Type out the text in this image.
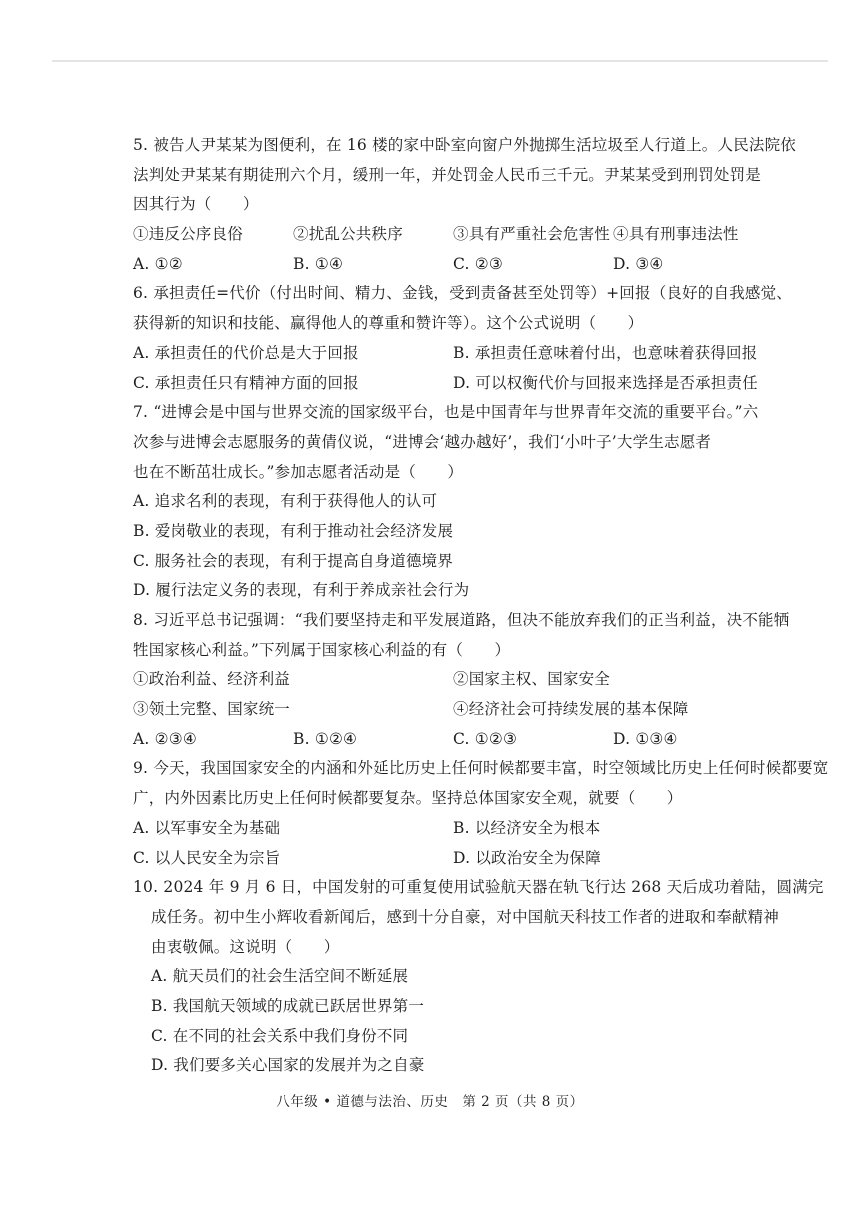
5. 被告人尹某某为图便利，在 16 楼的家中卧室向窗户外抛掷生活垃圾至人行道上。人民法院依
法判处尹某某有期徒刑六个月，缓刑一年，并处罚金人民币三千元。尹某某受到刑罚处罚是
因其行为（　　）
①违反公序良俗	②扰乱公共秩序	③具有严重社会危害性 ④具有刑事违法性
A. ①②	B. ①④	C. ②③	D. ③④
6. 承担责任=代价（付出时间、精力、金钱，受到责备甚至处罚等）+回报（良好的自我感觉、
获得新的知识和技能、赢得他人的尊重和赞许等）。这个公式说明（　　）
A. 承担责任的代价总是大于回报	B. 承担责任意味着付出，也意味着获得回报
C. 承担责任只有精神方面的回报	D. 可以权衡代价与回报来选择是否承担责任
7. “进博会是中国与世界交流的国家级平台，也是中国青年与世界青年交流的重要平台。”六
次参与进博会志愿服务的黄倩仪说，“进博会‘越办越好’，我们‘小叶子’大学生志愿者
也在不断茁壮成长。”参加志愿者活动是（　　）
A. 追求名利的表现，有利于获得他人的认可
B. 爱岗敬业的表现，有利于推动社会经济发展
C. 服务社会的表现，有利于提高自身道德境界
D. 履行法定义务的表现，有利于养成亲社会行为
8. 习近平总书记强调：“我们要坚持走和平发展道路，但决不能放弃我们的正当利益，决不能牺
牲国家核心利益。”下列属于国家核心利益的有（　　）
①政治利益、经济利益	②国家主权、国家安全
③领土完整、国家统一	④经济社会可持续发展的基本保障
A. ②③④	B. ①②④	C. ①②③	D. ①③④
9. 今天，我国国家安全的内涵和外延比历史上任何时候都要丰富，时空领域比历史上任何时候都要宽
广，内外因素比历史上任何时候都要复杂。坚持总体国家安全观，就要（　　）
A. 以军事安全为基础	B. 以经济安全为根本
C. 以人民安全为宗旨	D. 以政治安全为保障
10. 2024 年 9 月 6 日，中国发射的可重复使用试验航天器在轨飞行达 268 天后成功着陆，圆满完
成任务。初中生小辉收看新闻后，感到十分自豪，对中国航天科技工作者的进取和奉献精神
由衷敬佩。这说明（　　）
A. 航天员们的社会生活空间不断延展
B. 我国航天领域的成就已跃居世界第一
C. 在不同的社会关系中我们身份不同
D. 我们要多关心国家的发展并为之自豪
八年级 • 道德与法治、历史　第 2 页（共 8 页）
